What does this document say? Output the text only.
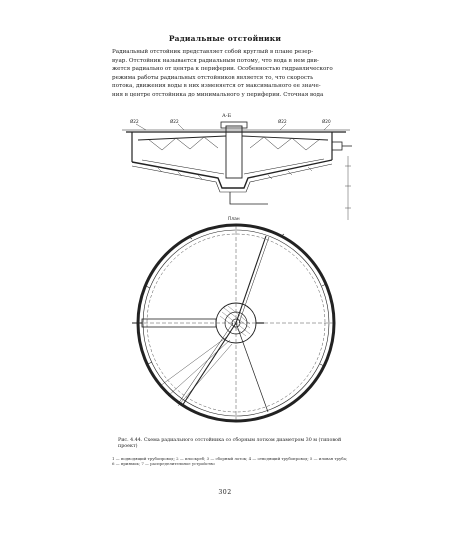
Радиальные отстойники
Радиальный отстойник представляет собой круглый в плане резер-
вуар. Отстойник называется радиальным потому, что вода в нем дви-
жется радиально от центра к периферии. Особенностью гидравлического
режима работы радиальных отстойников является то, что скорость
потока, движения воды в них изменяется от максимального ее значе-
ния в центре отстойника до минимального у периферии. Сточная вода
А-Б
Ø22	Ø22	Ø22	Ø20
План
Рис. 4.44. Схема радиального отстойника со сборным лотком диаметром 30 м (типовой проект)
1 — подводящий трубопровод; 2 — илоскреб; 3 — сборный лоток; 4 — отводящий трубопровод; 5 — иловая труба; 6 — приямок; 7 — распределительное устройство
302
